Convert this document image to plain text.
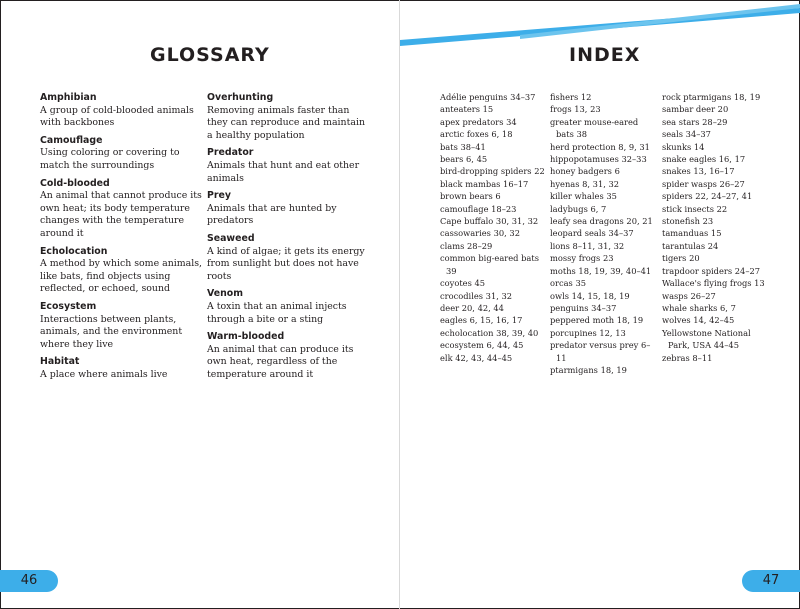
GLOSSARY	INDEX
Amphibian
A group of cold-blooded animals with backbones
Camouflage
Using coloring or covering to match the surroundings
Cold-blooded
An animal that cannot produce its own heat; its body temperature changes with the temperature around it
Echolocation
A method by which some animals, like bats, find objects using reflected, or echoed, sound
Ecosystem
Interactions between plants, animals, and the environment where they live
Habitat
A place where animals live
Overhunting
Removing animals faster than they can reproduce and maintain a healthy population
Predator
Animals that hunt and eat other animals
Prey
Animals that are hunted by predators
Seaweed
A kind of algae; it gets its energy from sunlight but does not have roots
Venom
A toxin that an animal injects through a bite or a sting
Warm-blooded
An animal that can produce its own heat, regardless of the temperature around it
Adélie penguins 34–37
anteaters 15
apex predators 34
arctic foxes 6, 18
bats 38–41
bears 6, 45
bird-dropping spiders 22
black mambas 16–17
brown bears 6
camouflage 18–23
Cape buffalo 30, 31, 32
cassowaries 30, 32
clams 28–29
common big-eared bats 39
coyotes 45
crocodiles 31, 32
deer 20, 42, 44
eagles 6, 15, 16, 17
echolocation 38, 39, 40
ecosystem 6, 44, 45
elk 42, 43, 44–45
fishers 12
frogs 13, 23
greater mouse-eared bats 38
herd protection 8, 9, 31
hippopotamuses 32–33
honey badgers 6
hyenas 8, 31, 32
killer whales 35
ladybugs 6, 7
leafy sea dragons 20, 21
leopard seals 34–37
lions 8–11, 31, 32
mossy frogs 23
moths 18, 19, 39, 40–41
orcas 35
owls 14, 15, 18, 19
penguins 34–37
peppered moth 18, 19
porcupines 12, 13
predator versus prey 6–11
ptarmigans 18, 19
rock ptarmigans 18, 19
sambar deer 20
sea stars 28–29
seals 34–37
skunks 14
snake eagles 16, 17
snakes 13, 16–17
spider wasps 26–27
spiders 22, 24–27, 41
stick insects 22
stonefish 23
tamanduas 15
tarantulas 24
tigers 20
trapdoor spiders 24–27
Wallace's flying frogs 13
wasps 26–27
whale sharks 6, 7
wolves 14, 42–45
Yellowstone National Park, USA 44–45
zebras 8–11
46	47
